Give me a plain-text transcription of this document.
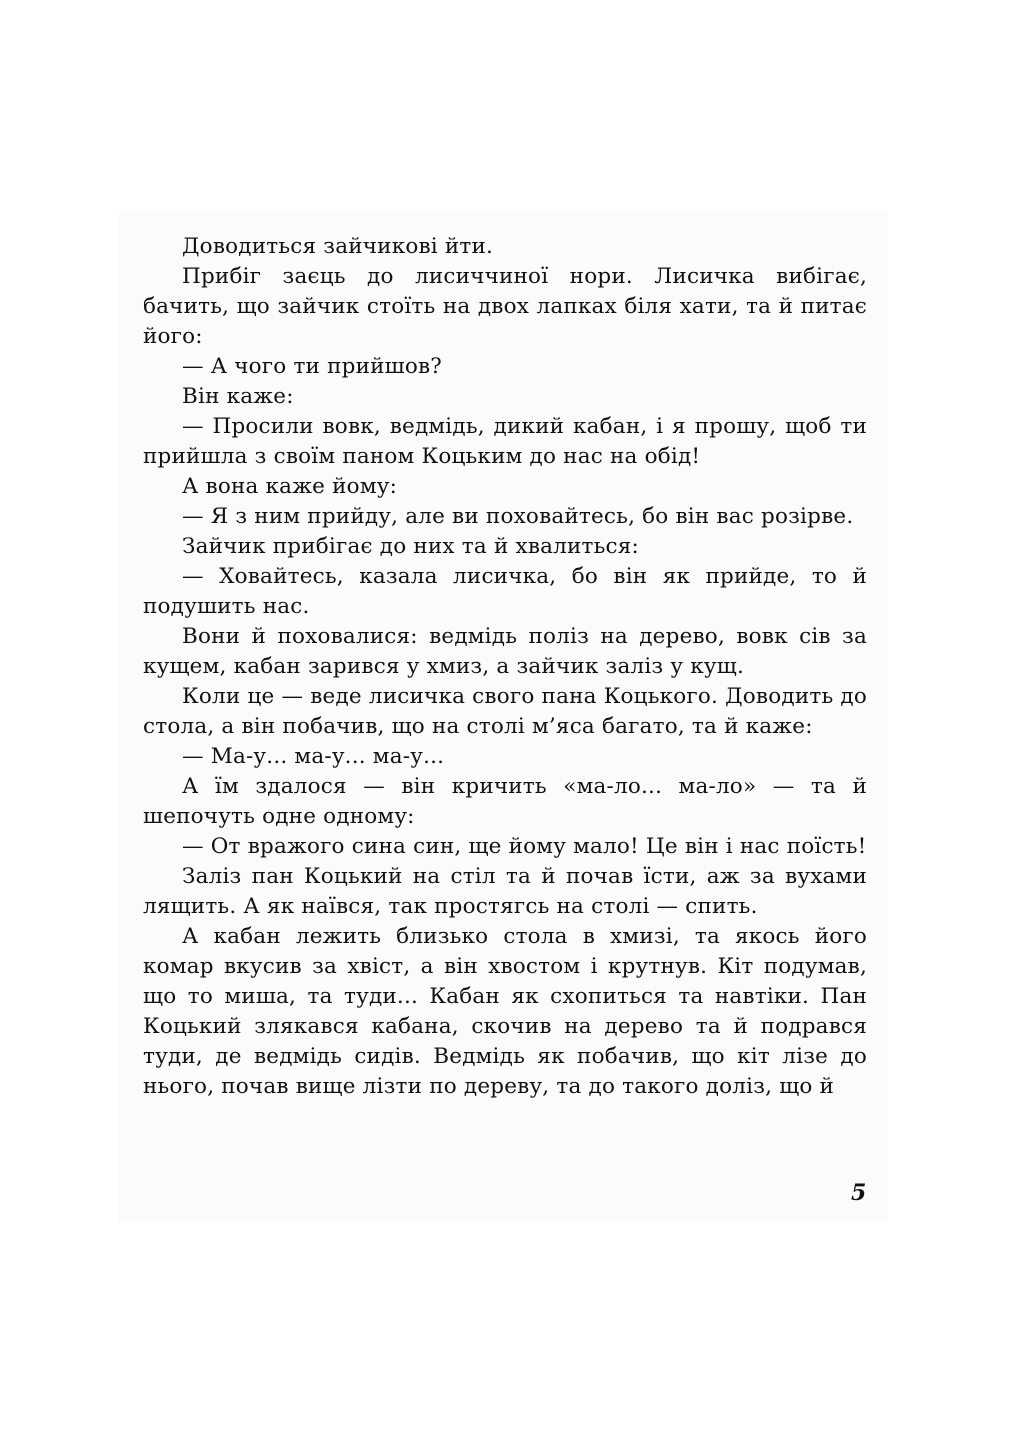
Доводиться зайчикові йти.

Прибіг заєць до лисиччиної нори. Лисичка вибігає, бачить, що зайчик стоїть на двох лапках біля хати, та й питає його:

— А чого ти прийшов?

Він каже:

— Просили вовк, ведмідь, дикий кабан, і я прошу, щоб ти прийшла з своїм паном Коцьким до нас на обід!

А вона каже йому:

— Я з ним прийду, але ви поховайтесь, бо він вас розірве.

Зайчик прибігає до них та й хвалиться:

— Ховайтесь, казала лисичка, бо він як прийде, то й подушить нас.

Вони й поховалися: ведмідь поліз на дерево, вовк сів за кущем, кабан зарився у хмиз, а зайчик заліз у кущ.

Коли це — веде лисичка свого пана Коцького. Доводить до стола, а він побачив, що на столі м’яса багато, та й каже:

— Ма-у... ма-у... ма-у...

А їм здалося — він кричить «ма-ло... ма-ло» — та й шепочуть одне одному:

— От вражого сина син, ще йому мало! Це він і нас поїсть!

Заліз пан Коцький на стіл та й почав їсти, аж за вухами лящить. А як наївся, так простягсь на столі — спить.

А кабан лежить близько стола в хмизі, та якось його комар вкусив за хвіст, а він хвостом і крутнув. Кіт подумав, що то миша, та туди... Кабан як схопиться та навтіки. Пан Коцький злякався кабана, скочив на дерево та й подрався туди, де ведмідь сидів. Ведмідь як побачив, що кіт лізе до нього, почав вище лізти по дереву, та до такого доліз, що й

5
